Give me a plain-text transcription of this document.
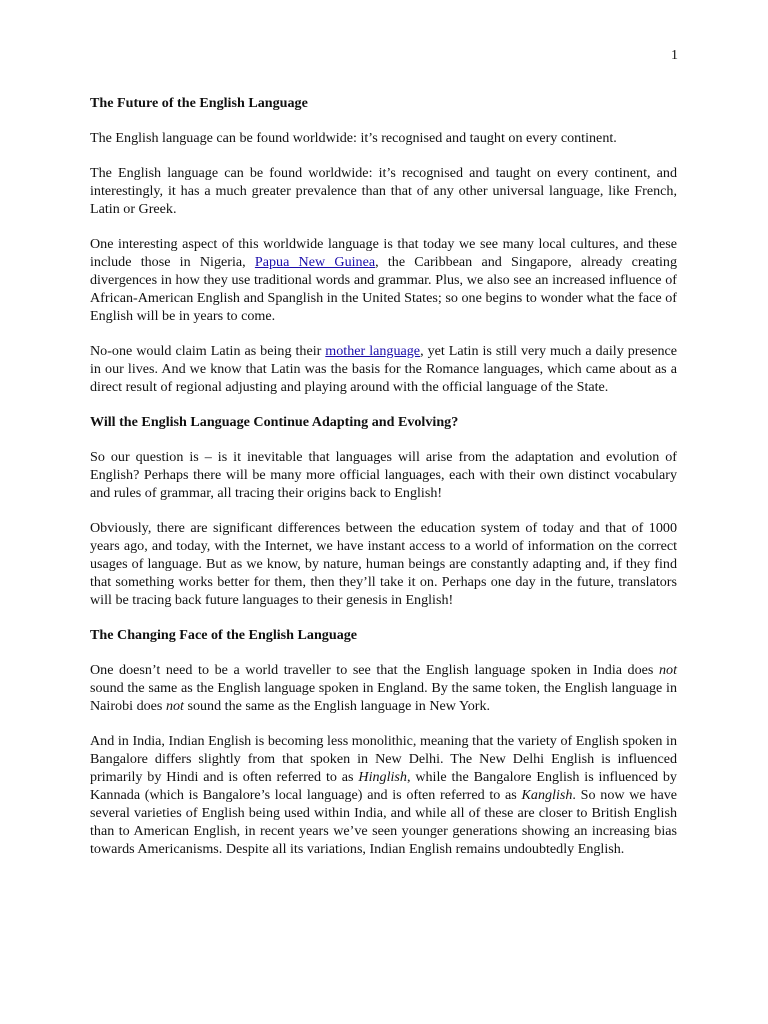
1
The Future of the English Language

The English language can be found worldwide: it’s recognised and taught on every continent.

The English language can be found worldwide: it’s recognised and taught on every continent, and interestingly, it has a much greater prevalence than that of any other universal language, like French, Latin or Greek.

One interesting aspect of this worldwide language is that today we see many local cultures, and these include those in Nigeria, Papua New Guinea, the Caribbean and Singapore, already creating divergences in how they use traditional words and grammar. Plus, we also see an increased influence of African-American English and Spanglish in the United States; so one begins to wonder what the face of English will be in years to come.

No-one would claim Latin as being their mother language, yet Latin is still very much a daily presence in our lives. And we know that Latin was the basis for the Romance languages, which came about as a direct result of regional adjusting and playing around with the official language of the State.

Will the English Language Continue Adapting and Evolving?

So our question is – is it inevitable that languages will arise from the adaptation and evolution of English? Perhaps there will be many more official languages, each with their own distinct vocabulary and rules of grammar, all tracing their origins back to English!

Obviously, there are significant differences between the education system of today and that of 1000 years ago, and today, with the Internet, we have instant access to a world of information on the correct usages of language. But as we know, by nature, human beings are constantly adapting and, if they find that something works better for them, then they’ll take it on. Perhaps one day in the future, translators will be tracing back future languages to their genesis in English!

The Changing Face of the English Language

One doesn’t need to be a world traveller to see that the English language spoken in India does not sound the same as the English language spoken in England. By the same token, the English language in Nairobi does not sound the same as the English language in New York.

And in India, Indian English is becoming less monolithic, meaning that the variety of English spoken in Bangalore differs slightly from that spoken in New Delhi. The New Delhi English is influenced primarily by Hindi and is often referred to as Hinglish, while the Bangalore English is influenced by Kannada (which is Bangalore’s local language) and is often referred to as Kanglish. So now we have several varieties of English being used within India, and while all of these are closer to British English than to American English, in recent years we’ve seen younger generations showing an increasing bias towards Americanisms. Despite all its variations, Indian English remains undoubtedly English.
